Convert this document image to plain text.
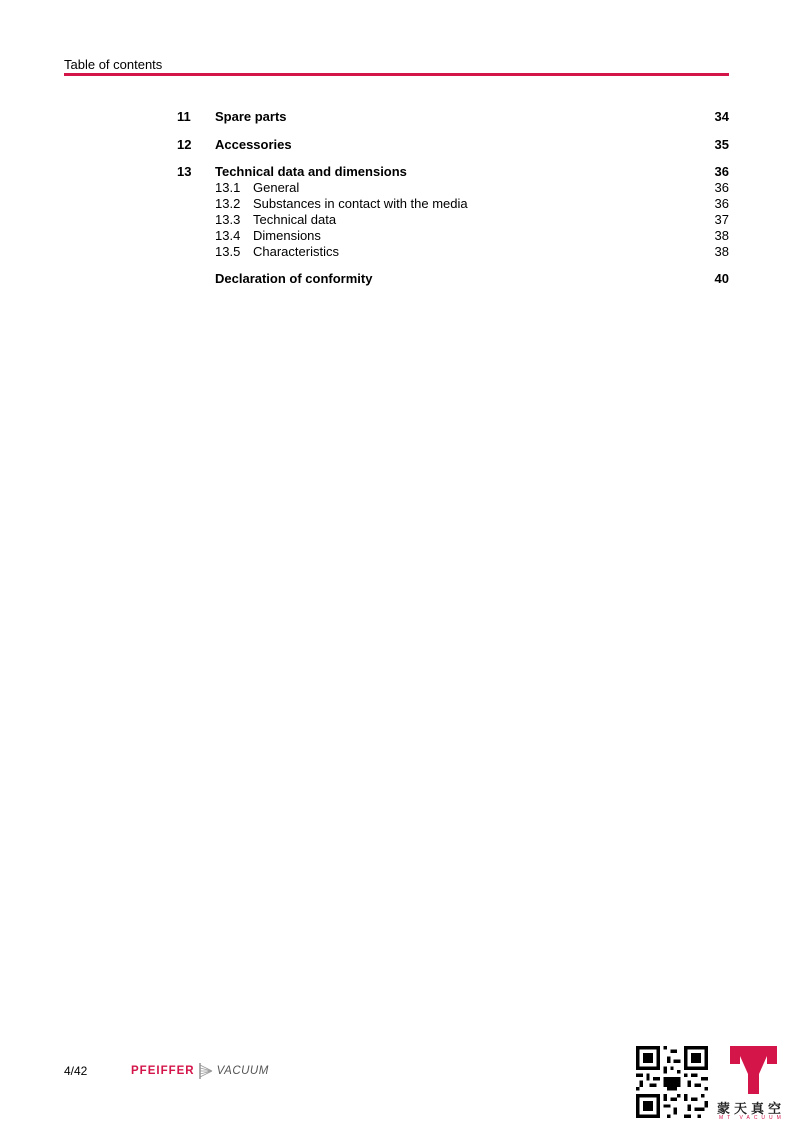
Table of contents
11 Spare parts	34
12 Accessories	35
13 Technical data and dimensions	36
13.1 General	36
13.2 Substances in contact with the media	36
13.3 Technical data	37
13.4 Dimensions	38
13.5 Characteristics	38
Declaration of conformity	40
4/42	PFEIFFER VACUUM
蒙天真空
MT VACUUM
